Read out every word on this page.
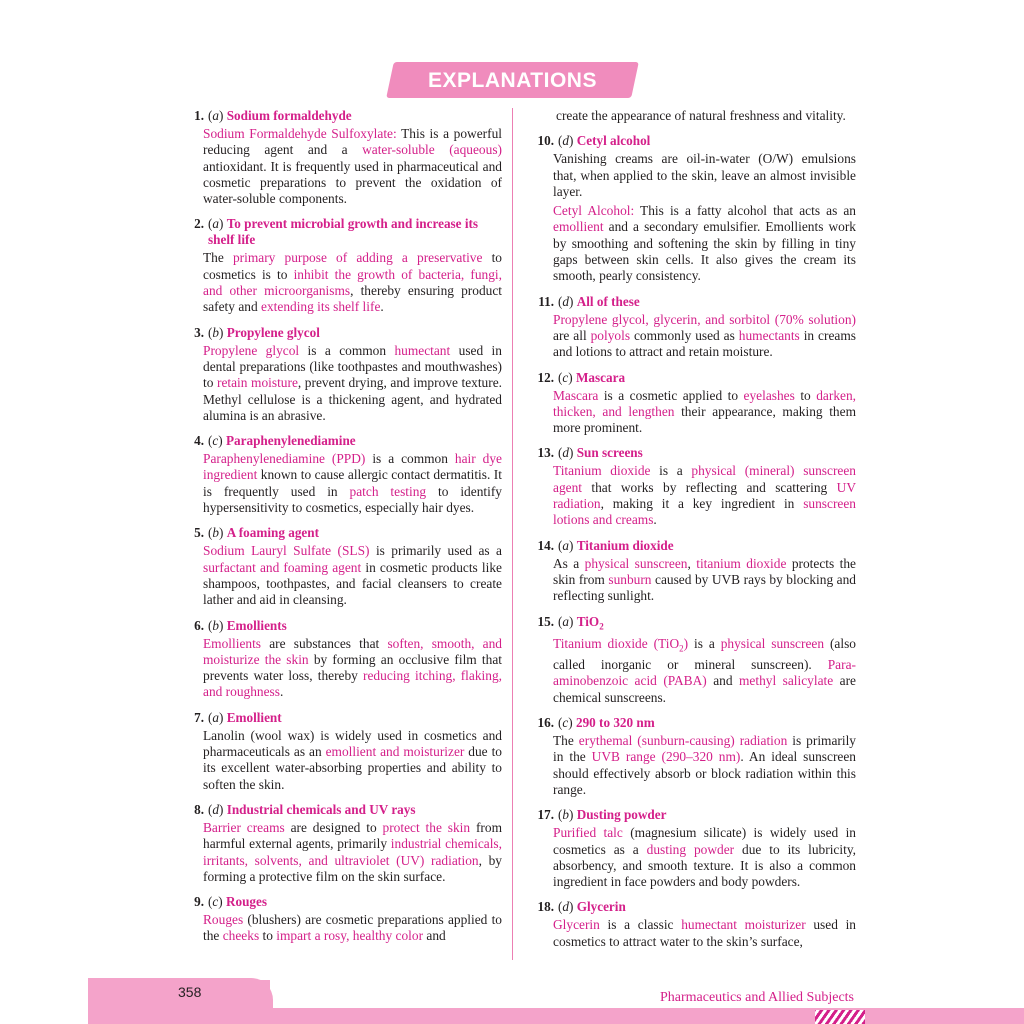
EXPLANATIONS
1. (a) Sodium formaldehyde
Sodium Formaldehyde Sulfoxylate: This is a powerful reducing agent and a water-soluble (aqueous) antioxidant. It is frequently used in pharmaceutical and cosmetic preparations to prevent the oxidation of water-soluble components.
2. (a) To prevent microbial growth and increase its shelf life
The primary purpose of adding a preservative to cosmetics is to inhibit the growth of bacteria, fungi, and other microorganisms, thereby ensuring product safety and extending its shelf life.
3. (b) Propylene glycol
Propylene glycol is a common humectant used in dental preparations (like toothpastes and mouthwashes) to retain moisture, prevent drying, and improve texture. Methyl cellulose is a thickening agent, and hydrated alumina is an abrasive.
4. (c) Paraphenylenediamine
Paraphenylenediamine (PPD) is a common hair dye ingredient known to cause allergic contact dermatitis. It is frequently used in patch testing to identify hypersensitivity to cosmetics, especially hair dyes.
5. (b) A foaming agent
Sodium Lauryl Sulfate (SLS) is primarily used as a surfactant and foaming agent in cosmetic products like shampoos, toothpastes, and facial cleansers to create lather and aid in cleansing.
6. (b) Emollients
Emollients are substances that soften, smooth, and moisturize the skin by forming an occlusive film that prevents water loss, thereby reducing itching, flaking, and roughness.
7. (a) Emollient
Lanolin (wool wax) is widely used in cosmetics and pharmaceuticals as an emollient and moisturizer due to its excellent water-absorbing properties and ability to soften the skin.
8. (d) Industrial chemicals and UV rays
Barrier creams are designed to protect the skin from harmful external agents, primarily industrial chemicals, irritants, solvents, and ultraviolet (UV) radiation, by forming a protective film on the skin surface.
9. (c) Rouges
Rouges (blushers) are cosmetic preparations applied to the cheeks to impart a rosy, healthy color and
create the appearance of natural freshness and vitality.
10. (d) Cetyl alcohol
Vanishing creams are oil-in-water (O/W) emulsions that, when applied to the skin, leave an almost invisible layer.
Cetyl Alcohol: This is a fatty alcohol that acts as an emollient and a secondary emulsifier. Emollients work by smoothing and softening the skin by filling in tiny gaps between skin cells. It also gives the cream its smooth, pearly consistency.
11. (d) All of these
Propylene glycol, glycerin, and sorbitol (70% solution) are all polyols commonly used as humectants in creams and lotions to attract and retain moisture.
12. (c) Mascara
Mascara is a cosmetic applied to eyelashes to darken, thicken, and lengthen their appearance, making them more prominent.
13. (d) Sun screens
Titanium dioxide is a physical (mineral) sunscreen agent that works by reflecting and scattering UV radiation, making it a key ingredient in sunscreen lotions and creams.
14. (a) Titanium dioxide
As a physical sunscreen, titanium dioxide protects the skin from sunburn caused by UVB rays by blocking and reflecting sunlight.
15. (a) TiO$_2$
Titanium dioxide (TiO$_2$) is a physical sunscreen (also called inorganic or mineral sunscreen). Para-aminobenzoic acid (PABA) and methyl salicylate are chemical sunscreens.
16. (c) 290 to 320 nm
The erythemal (sunburn-causing) radiation is primarily in the UVB range (290–320 nm). An ideal sunscreen should effectively absorb or block radiation within this range.
17. (b) Dusting powder
Purified talc (magnesium silicate) is widely used in cosmetics as a dusting powder due to its lubricity, absorbency, and smooth texture. It is also a common ingredient in face powders and body powders.
18. (d) Glycerin
Glycerin is a classic humectant moisturizer used in cosmetics to attract water to the skin’s surface,
358	Pharmaceutics and Allied Subjects
